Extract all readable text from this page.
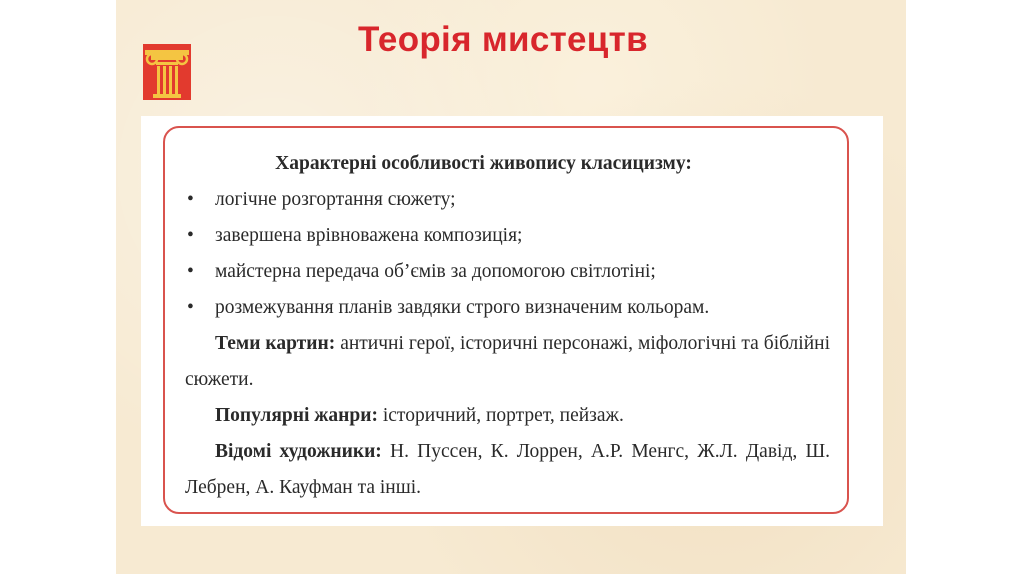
Теорія мистецтв
Характерні особливості живопису класицизму:
• логічне розгортання сюжету;
• завершена врівноважена композиція;
• майстерна передача об’ємів за допомогою світлотіні;
• розмежування планів завдяки строго визначеним кольорам.
Теми картин: античні герої, історичні персонажі, міфологічні та біблійні сюжети.
Популярні жанри: історичний, портрет, пейзаж.
Відомі художники: Н. Пуссен, К. Лоррен, А.Р. Менгс, Ж.Л. Давід, Ш. Лебрен, А. Кауфман та інші.
